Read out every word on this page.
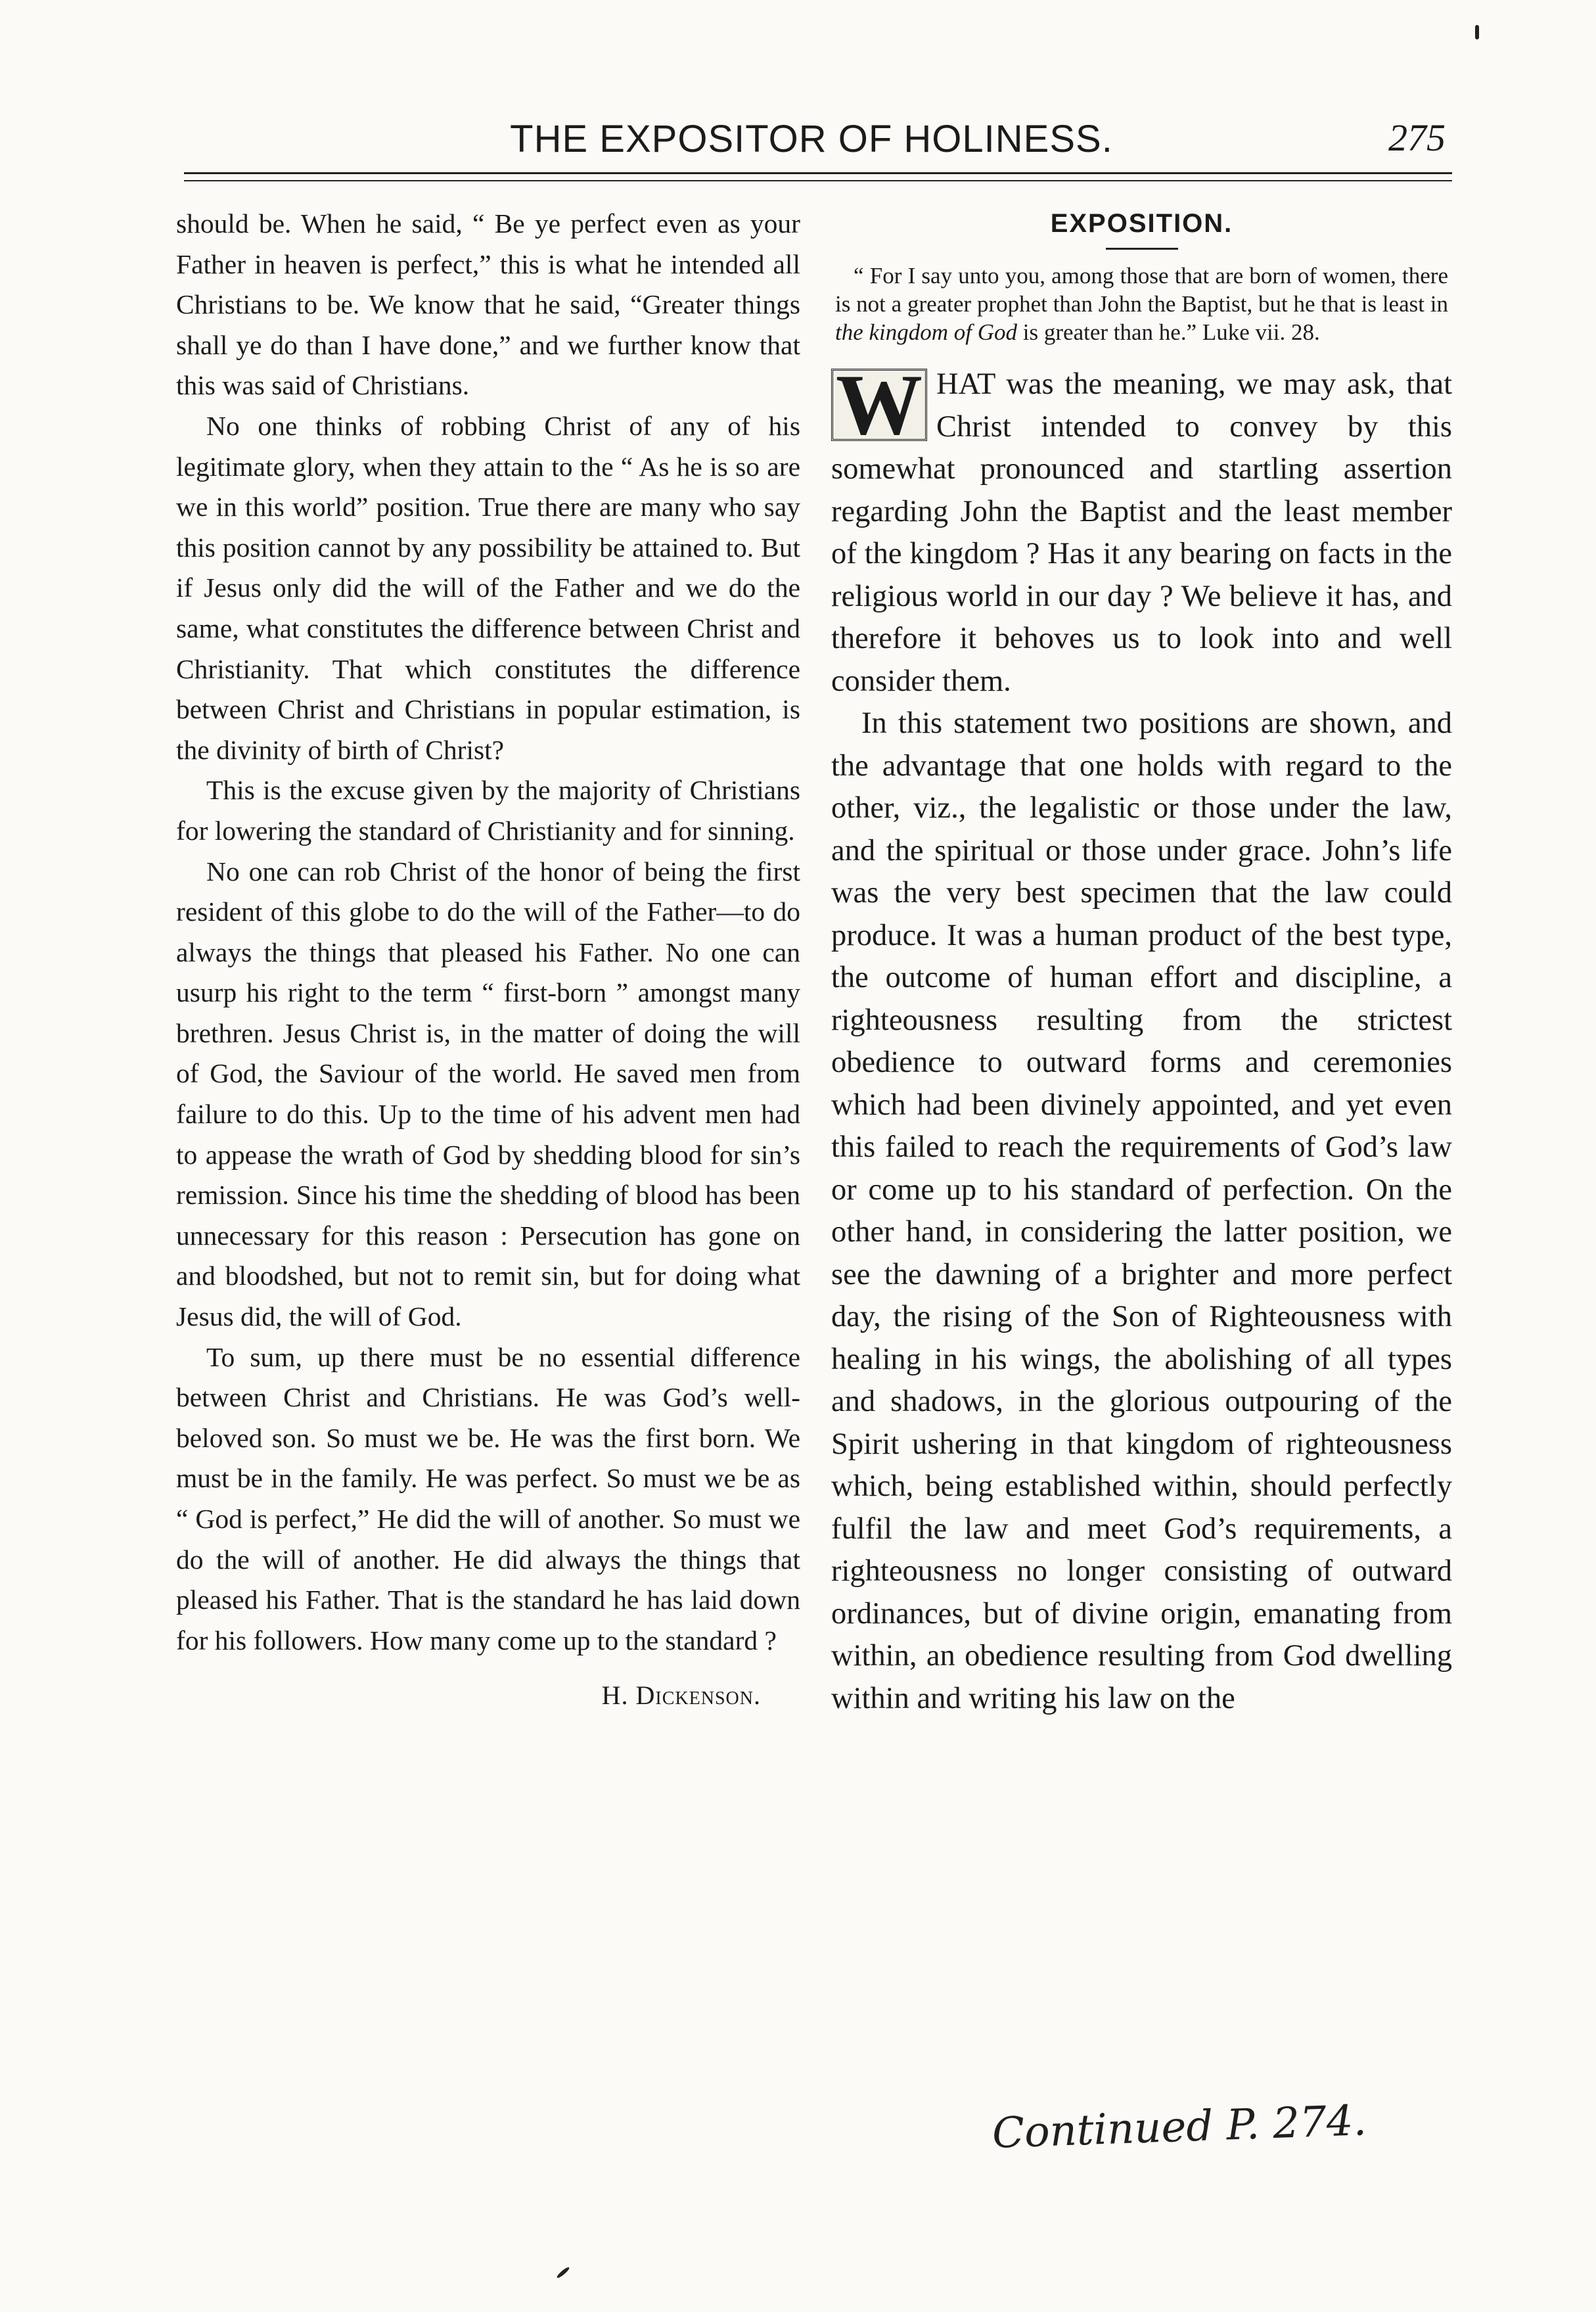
THE EXPOSITOR OF HOLINESS.	275

should be. When he said, “ Be ye perfect even as your Father in heaven is perfect,” this is what he intended all Christians to be. We know that he said, “Greater things shall ye do than I have done,” and we further know that this was said of Christians.

No one thinks of robbing Christ of any of his legitimate glory, when they attain to the “ As he is so are we in this world” position. True there are many who say this position cannot by any possibility be attained to. But if Jesus only did the will of the Father and we do the same, what constitutes the difference between Christ and Christianity. That which constitutes the difference between Christ and Christians in popular estimation, is the divinity of birth of Christ?

This is the excuse given by the majority of Christians for lowering the standard of Christianity and for sinning.

No one can rob Christ of the honor of being the first resident of this globe to do the will of the Father—to do always the things that pleased his Father. No one can usurp his right to the term “ first-born ” amongst many brethren. Jesus Christ is, in the matter of doing the will of God, the Saviour of the world. He saved men from failure to do this. Up to the time of his advent men had to appease the wrath of God by shedding blood for sin’s remission. Since his time the shedding of blood has been unnecessary for this reason : Persecution has gone on and bloodshed, but not to remit sin, but for doing what Jesus did, the will of God.

To sum, up there must be no essential difference between Christ and Christians. He was God’s well-beloved son. So must we be. He was the first born. We must be in the family. He was perfect. So must we be as “ God is perfect,” He did the will of another. So must we do the will of another. He did always the things that pleased his Father. That is the standard he has laid down for his followers. How many come up to the standard ?

H. Dickenson.
EXPOSITION.
“ For I say unto you, among those that are born of women, there is not a greater prophet than John the Baptist, but he that is least in the kingdom of God is greater than he.” Luke vii. 28.

W HAT was the meaning, we may ask, that Christ intended to convey by this somewhat pronounced and startling assertion regarding John the Baptist and the least member of the kingdom ? Has it any bearing on facts in the religious world in our day ? We believe it has, and therefore it behoves us to look into and well consider them.

In this statement two positions are shown, and the advantage that one holds with regard to the other, viz., the legalistic or those under the law, and the spiritual or those under grace. John’s life was the very best specimen that the law could produce. It was a human product of the best type, the outcome of human effort and discipline, a righteousness resulting from the strictest obedience to outward forms and ceremonies which had been divinely appointed, and yet even this failed to reach the requirements of God’s law or come up to his standard of perfection. On the other hand, in considering the latter position, we see the dawning of a brighter and more perfect day, the rising of the Son of Righteousness with healing in his wings, the abolishing of all types and shadows, in the glorious outpouring of the Spirit ushering in that kingdom of righteousness which, being established within, should perfectly fulfil the law and meet God’s requirements, a righteousness no longer consisting of outward ordinances, but of divine origin, emanating from within, an obedience resulting from God dwelling within and writing his law on the

Continued P. 274.
